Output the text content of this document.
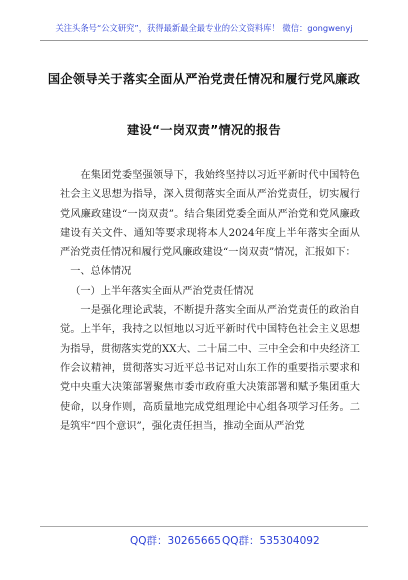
关注头条号“公文研究”，获得最新最全最专业的公文资料库！ 微信：gongwenyj
国企领导关于落实全面从严治党责任情况和履行党风廉政
建设“一岗双责”情况的报告

在集团党委坚强领导下，我始终坚持以习近平新时代中国特色社会主义思想为指导，深入贯彻落实全面从严治党责任，切实履行党风廉政建设“一岗双责”。结合集团党委全面从严治党和党风廉政建设有关文件、通知等要求现将本人2024年度上半年落实全面从严治党责任情况和履行党风廉政建设“一岗双责”情况，汇报如下：

一、总体情况

（一）上半年落实全面从严治党责任情况

一是强化理论武装，不断提升落实全面从严治党责任的政治自觉。上半年，我持之以恒地以习近平新时代中国特色社会主义思想为指导，贯彻落实党的XX大、二十届二中、三中全会和中央经济工作会议精神，贯彻落实习近平总书记对山东工作的重要指示要求和党中央重大决策部署聚焦市委市政府重大决策部署和赋予集团重大使命，以身作则，高质量地完成党组理论中心组各项学习任务。二是筑牢“四个意识”，强化责任担当，推动全面从严治党

QQ群：30265665 QQ群：535304092
